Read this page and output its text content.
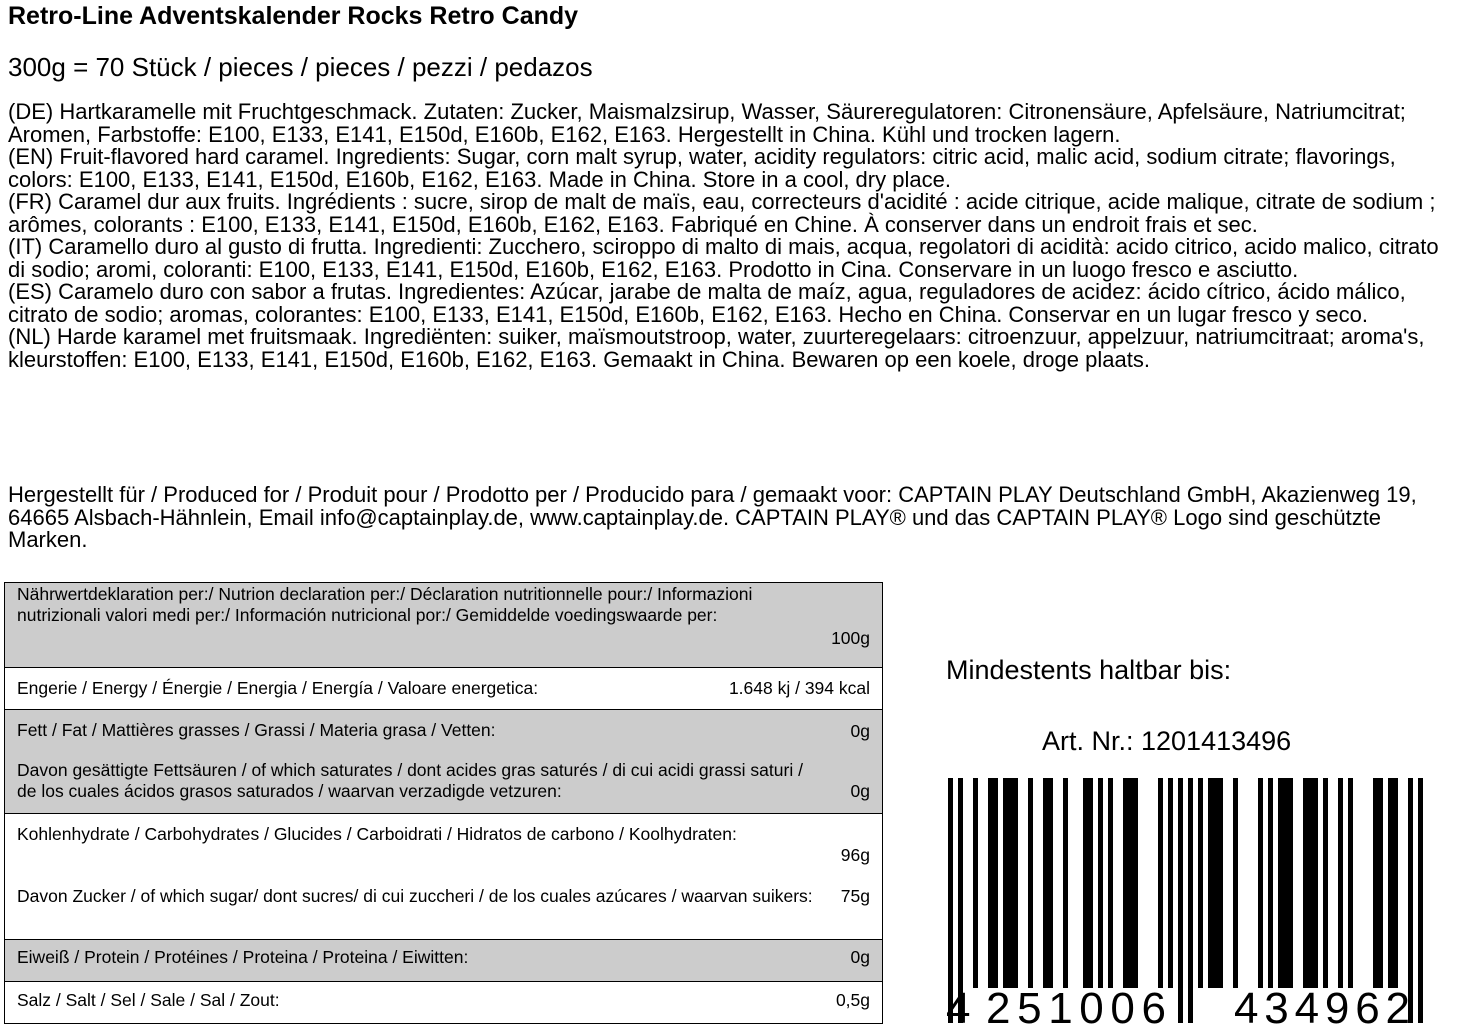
Retro-Line Adventskalender Rocks Retro Candy
300g = 70 Stück / pieces / pieces / pezzi / pedazos

(DE) Hartkaramelle mit Fruchtgeschmack. Zutaten: Zucker, Maismalzsirup, Wasser, Säureregulatoren: Citronensäure, Apfelsäure, Natriumcitrat; Aromen, Farbstoffe: E100, E133, E141, E150d, E160b, E162, E163. Hergestellt in China. Kühl und trocken lagern.

(EN) Fruit-flavored hard caramel. Ingredients: Sugar, corn malt syrup, water, acidity regulators: citric acid, malic acid, sodium citrate; flavorings, colors: E100, E133, E141, E150d, E160b, E162, E163. Made in China. Store in a cool, dry place.

(FR) Caramel dur aux fruits. Ingrédients : sucre, sirop de malt de maïs, eau, correcteurs d'acidité : acide citrique, acide malique, citrate de sodium ; arômes, colorants : E100, E133, E141, E150d, E160b, E162, E163. Fabriqué en Chine. À conserver dans un endroit frais et sec.

(IT) Caramello duro al gusto di frutta. Ingredienti: Zucchero, sciroppo di malto di mais, acqua, regolatori di acidità: acido citrico, acido malico, citrato di sodio; aromi, coloranti: E100, E133, E141, E150d, E160b, E162, E163. Prodotto in Cina. Conservare in un luogo fresco e asciutto.

(ES) Caramelo duro con sabor a frutas. Ingredientes: Azúcar, jarabe de malta de maíz, agua, reguladores de acidez: ácido cítrico, ácido málico, citrato de sodio; aromas, colorantes: E100, E133, E141, E150d, E160b, E162, E163. Hecho en China. Conservar en un lugar fresco y seco.

(NL) Harde karamel met fruitsmaak. Ingrediënten: suiker, maïsmoutstroop, water, zuurteregelaars: citroenzuur, appelzuur, natriumcitraat; aroma's, kleurstoffen: E100, E133, E141, E150d, E160b, E162, E163. Gemaakt in China. Bewaren op een koele, droge plaats.

Hergestellt für / Produced for / Produit pour / Prodotto per / Producido para / gemaakt voor: CAPTAIN PLAY Deutschland GmbH, Akazienweg 19, 64665 Alsbach-Hähnlein, Email info@captainplay.de, www.captainplay.de. CAPTAIN PLAY® und das CAPTAIN PLAY® Logo sind geschützte Marken.
Nährwertdeklaration per:/ Nutrion declaration per:/ Déclaration nutritionnelle pour:/ Informazioni nutrizionali valori medi per:/ Información nutricional por:/ Gemiddelde voedingswaarde per:
100g
Engerie / Energy / Énergie / Energia / Energía / Valoare energetica:	1.648 kj / 394 kcal
Fett / Fat / Mattières grasses / Grassi / Materia grasa / Vetten:	0g
Davon gesättigte Fettsäuren / of which saturates / dont acides gras saturés / di cui acidi grassi saturi / de los cuales ácidos grasos saturados / waarvan verzadigde vetzuren:	0g
Kohlenhydrate / Carbohydrates / Glucides / Carboidrati / Hidratos de carbono / Koolhydraten:
96g
Davon Zucker / of which sugar/ dont sucres/ di cui zuccheri / de los cuales azúcares / waarvan suikers: 75g
Eiweiß / Protein / Protéines / Proteina / Proteina / Eiwitten:	0g
Salz / Salt / Sel / Sale / Sal / Zout:	0,5g
Mindestents haltbar bis:
Art. Nr.: 1201413496
4 251006 434962
